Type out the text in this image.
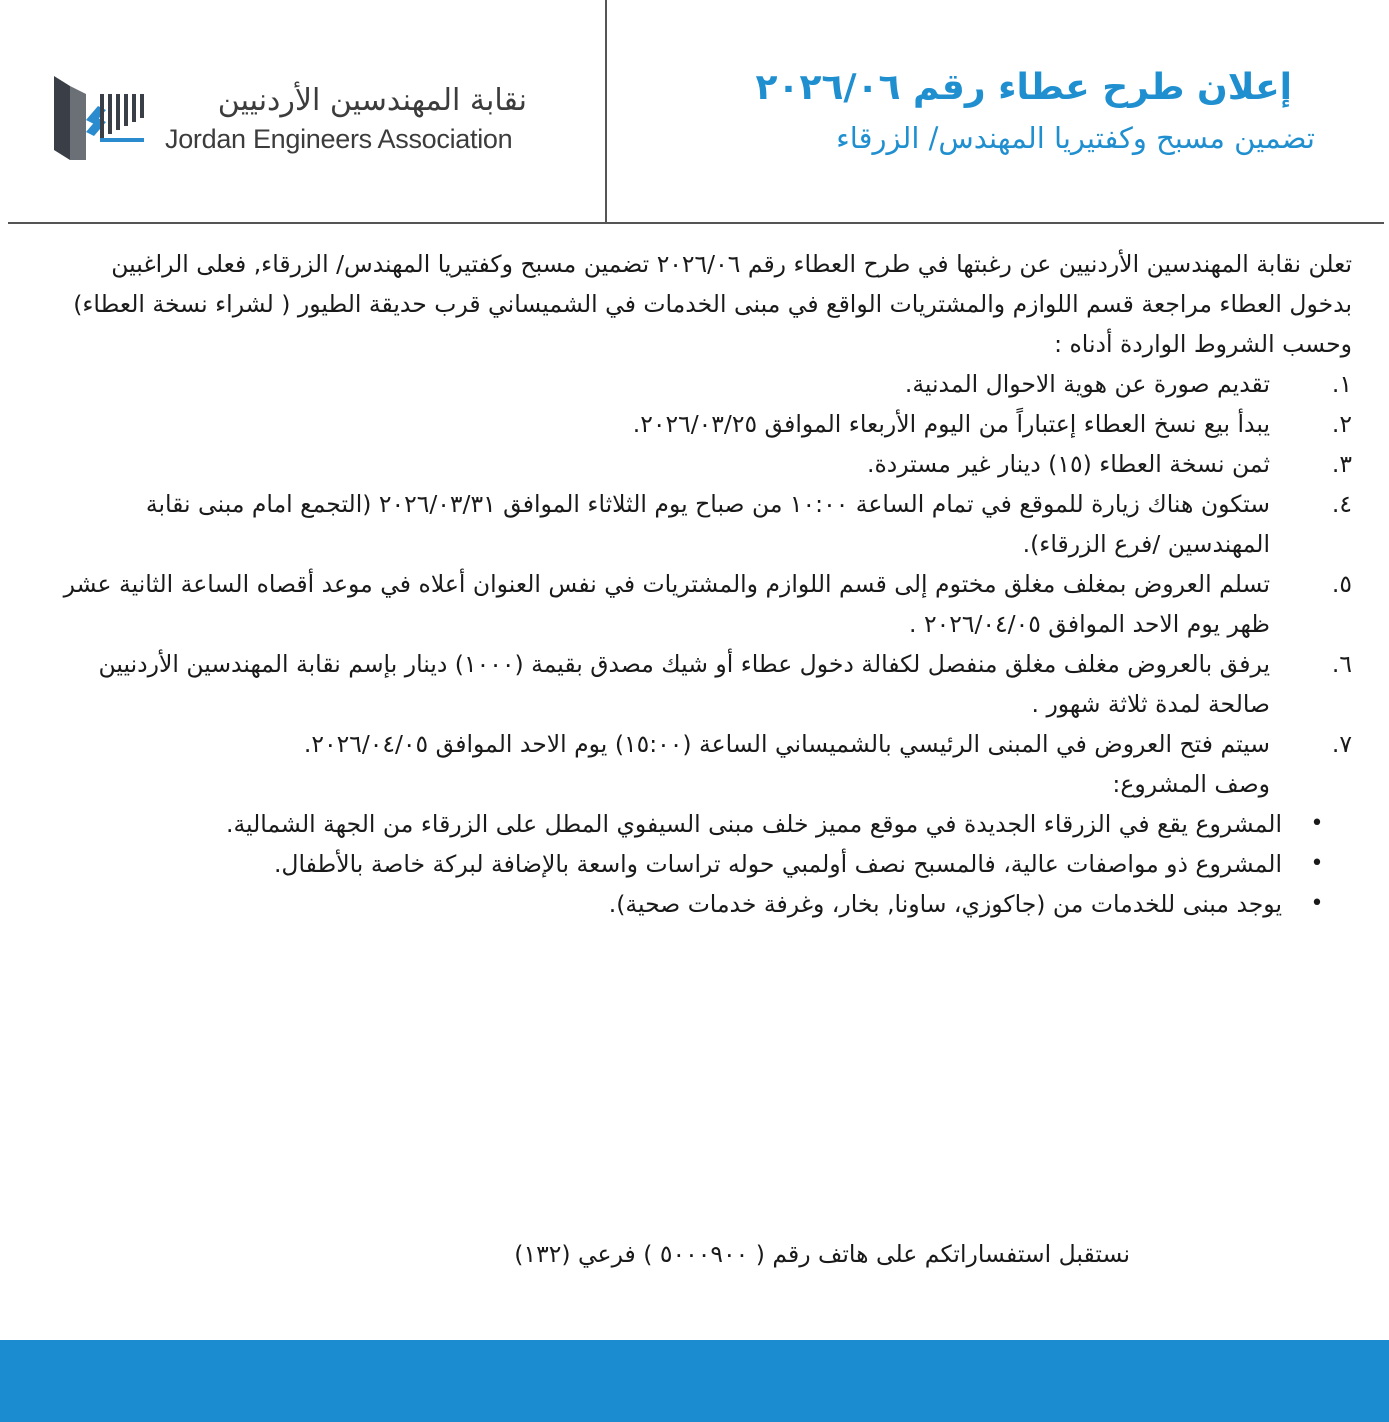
نقابة المهندسين الأردنيين
Jordan Engineers Association
إعلان طرح عطاء رقم ٢٠٢٦/٠٦
تضمين مسبح وكفتيريا المهندس/ الزرقاء

تعلن نقابة المهندسين الأردنيين عن رغبتها في طرح العطاء رقم ٢٠٢٦/٠٦ تضمين مسبح وكفتيريا المهندس/ الزرقاء, فعلى الراغبين بدخول العطاء مراجعة قسم اللوازم والمشتريات الواقع في مبنى الخدمات في الشميساني قرب حديقة الطيور ( لشراء نسخة العطاء) وحسب الشروط الواردة أدناه :

١.
تقديم صورة عن هوية الاحوال المدنية.
٢.
يبدأ بيع نسخ العطاء إعتباراً من اليوم الأربعاء الموافق ٢٠٢٦/٠٣/٢٥.
٣.
ثمن نسخة العطاء (١٥) دينار غير مستردة.
٤.
ستكون هناك زيارة للموقع في تمام الساعة ١٠:٠٠ من صباح يوم الثلاثاء الموافق ٢٠٢٦/٠٣/٣١ (التجمع امام مبنى نقابة المهندسين /فرع الزرقاء).
٥.
تسلم العروض بمغلف مغلق مختوم إلى قسم اللوازم والمشتريات في نفس العنوان أعلاه في موعد أقصاه الساعة الثانية عشر ظهر يوم الاحد الموافق ٢٠٢٦/٠٤/٠٥ .
٦.
يرفق بالعروض مغلف مغلق منفصل لكفالة دخول عطاء أو شيك مصدق بقيمة (١٠٠٠) دينار بإسم نقابة المهندسين الأردنيين صالحة لمدة ثلاثة شهور .
٧.
سيتم فتح العروض في المبنى الرئيسي بالشميساني الساعة (١٥:٠٠) يوم الاحد الموافق ٢٠٢٦/٠٤/٠٥.
وصف المشروع:
•
المشروع يقع في الزرقاء الجديدة في موقع مميز خلف مبنى السيفوي المطل على الزرقاء من الجهة الشمالية.
•
المشروع ذو مواصفات عالية، فالمسبح نصف أولمبي حوله تراسات واسعة بالإضافة لبركة خاصة بالأطفال.
•
يوجد مبنى للخدمات من (جاكوزي، ساونا, بخار، وغرفة خدمات صحية).
نستقبل استفساراتكم على هاتف رقم ( ٥٠٠٠٩٠٠ ) فرعي (١٣٢)
